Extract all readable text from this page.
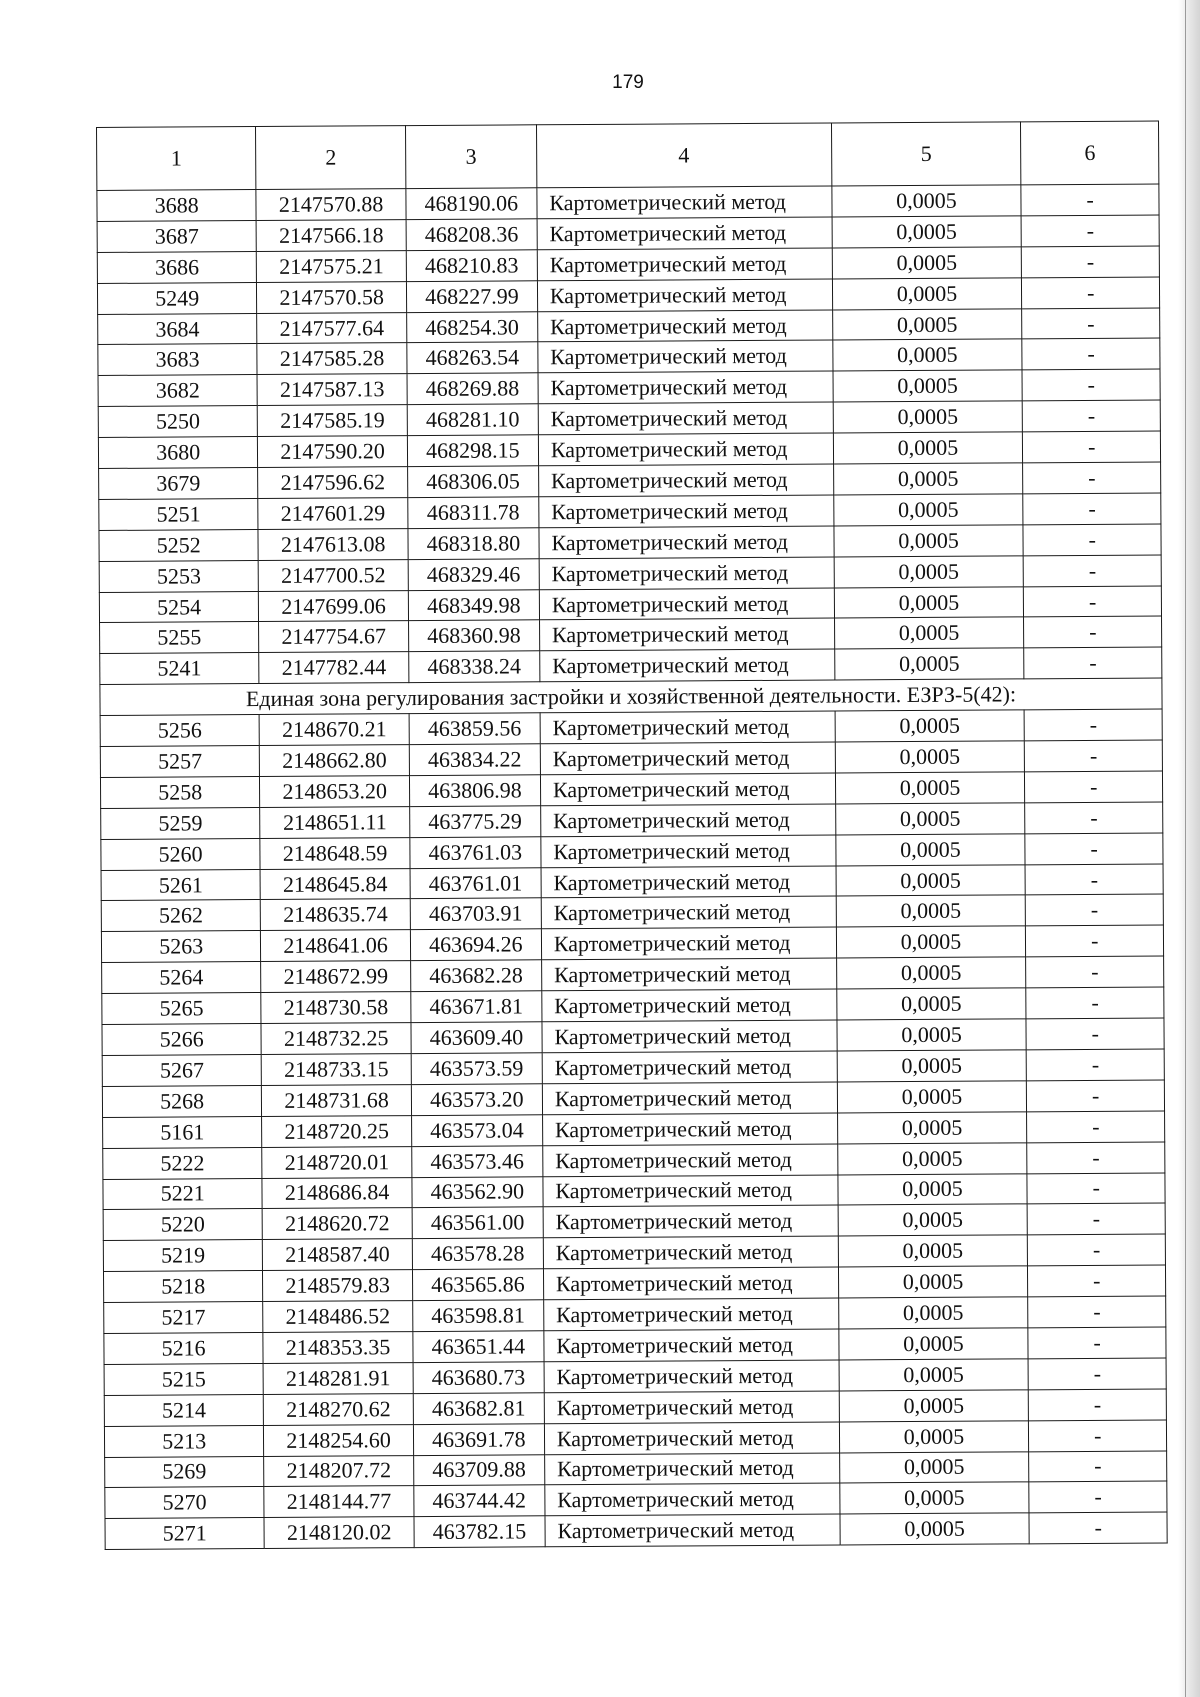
179
1	2	3	4	5	6
3688	2147570.88	468190.06	Картометрический метод	0,0005	-
3687	2147566.18	468208.36	Картометрический метод	0,0005	-
3686	2147575.21	468210.83	Картометрический метод	0,0005	-
5249	2147570.58	468227.99	Картометрический метод	0,0005	-
3684	2147577.64	468254.30	Картометрический метод	0,0005	-
3683	2147585.28	468263.54	Картометрический метод	0,0005	-
3682	2147587.13	468269.88	Картометрический метод	0,0005	-
5250	2147585.19	468281.10	Картометрический метод	0,0005	-
3680	2147590.20	468298.15	Картометрический метод	0,0005	-
3679	2147596.62	468306.05	Картометрический метод	0,0005	-
5251	2147601.29	468311.78	Картометрический метод	0,0005	-
5252	2147613.08	468318.80	Картометрический метод	0,0005	-
5253	2147700.52	468329.46	Картометрический метод	0,0005	-
5254	2147699.06	468349.98	Картометрический метод	0,0005	-
5255	2147754.67	468360.98	Картометрический метод	0,0005	-
5241	2147782.44	468338.24	Картометрический метод	0,0005	-
Единая зона регулирования застройки и хозяйственной деятельности. ЕЗРЗ-5(42):					
5256	2148670.21	463859.56	Картометрический метод	0,0005	-
5257	2148662.80	463834.22	Картометрический метод	0,0005	-
5258	2148653.20	463806.98	Картометрический метод	0,0005	-
5259	2148651.11	463775.29	Картометрический метод	0,0005	-
5260	2148648.59	463761.03	Картометрический метод	0,0005	-
5261	2148645.84	463761.01	Картометрический метод	0,0005	-
5262	2148635.74	463703.91	Картометрический метод	0,0005	-
5263	2148641.06	463694.26	Картометрический метод	0,0005	-
5264	2148672.99	463682.28	Картометрический метод	0,0005	-
5265	2148730.58	463671.81	Картометрический метод	0,0005	-
5266	2148732.25	463609.40	Картометрический метод	0,0005	-
5267	2148733.15	463573.59	Картометрический метод	0,0005	-
5268	2148731.68	463573.20	Картометрический метод	0,0005	-
5161	2148720.25	463573.04	Картометрический метод	0,0005	-
5222	2148720.01	463573.46	Картометрический метод	0,0005	-
5221	2148686.84	463562.90	Картометрический метод	0,0005	-
5220	2148620.72	463561.00	Картометрический метод	0,0005	-
5219	2148587.40	463578.28	Картометрический метод	0,0005	-
5218	2148579.83	463565.86	Картометрический метод	0,0005	-
5217	2148486.52	463598.81	Картометрический метод	0,0005	-
5216	2148353.35	463651.44	Картометрический метод	0,0005	-
5215	2148281.91	463680.73	Картометрический метод	0,0005	-
5214	2148270.62	463682.81	Картометрический метод	0,0005	-
5213	2148254.60	463691.78	Картометрический метод	0,0005	-
5269	2148207.72	463709.88	Картометрический метод	0,0005	-
5270	2148144.77	463744.42	Картометрический метод	0,0005	-
5271	2148120.02	463782.15	Картометрический метод	0,0005	-
